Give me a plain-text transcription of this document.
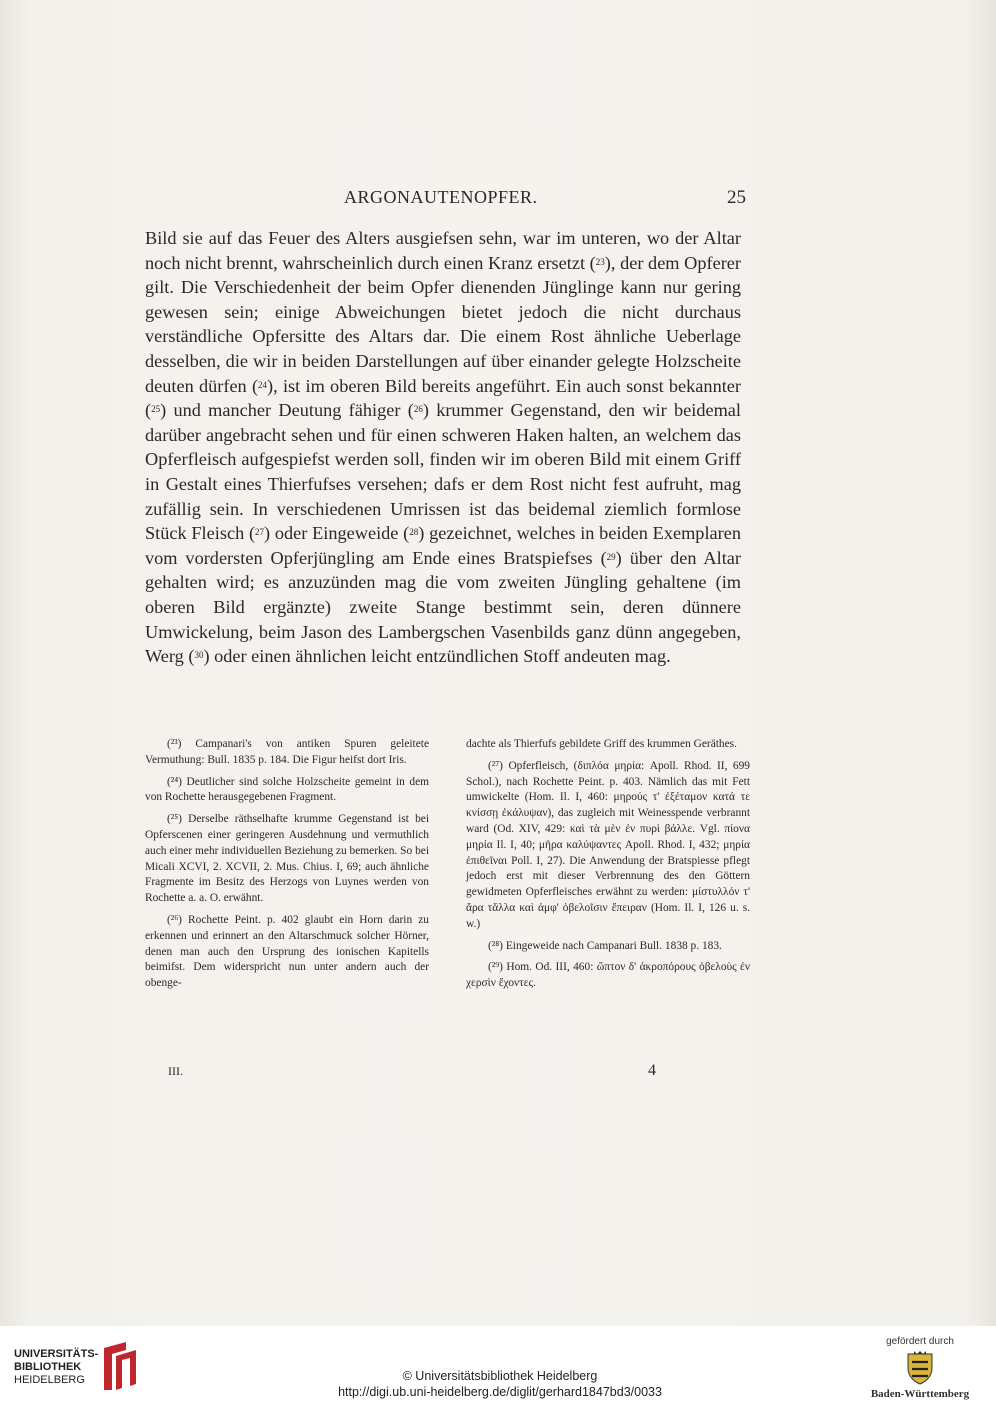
ARGONAUTENOPFER.	25

Bild sie auf das Feuer des Alters ausgiefsen sehn, war im unteren, wo der Altar noch nicht brennt, wahrscheinlich durch einen Kranz ersetzt ($^{23}$), der dem Opferer gilt. Die Verschiedenheit der beim Opfer dienenden Jünglinge kann nur gering gewesen sein; einige Abweichungen bietet jedoch die nicht durchaus verständliche Opfersitte des Altars dar. Die einem Rost ähnliche Ueberlage desselben, die wir in beiden Darstellungen auf über einander gelegte Holzscheite deuten dürfen ($^{24}$), ist im oberen Bild bereits angeführt. Ein auch sonst bekannter ($^{25}$) und mancher Deutung fähiger ($^{26}$) krummer Gegenstand, den wir beidemal darüber angebracht sehen und für einen schweren Haken halten, an welchem das Opferfleisch aufgespiefst werden soll, finden wir im oberen Bild mit einem Griff in Gestalt eines Thierfufses versehen; dafs er dem Rost nicht fest aufruht, mag zufällig sein. In verschiedenen Umrissen ist das beidemal ziemlich formlose Stück Fleisch ($^{27}$) oder Eingeweide ($^{28}$) gezeichnet, welches in beiden Exemplaren vom vordersten Opferjüngling am Ende eines Bratspiefses ($^{29}$) über den Altar gehalten wird; es anzuzünden mag die vom zweiten Jüngling gehaltene (im oberen Bild ergänzte) zweite Stange bestimmt sein, deren dünnere Umwickelung, beim Jason des Lambergschen Vasenbilds ganz dünn angegeben, Werg ($^{30}$) oder einen ähnlichen leicht entzündlichen Stoff andeuten mag.

(²³) Campanari's von antiken Spuren geleitete Vermuthung: Bull. 1835 p. 184. Die Figur heifst dort Iris.

(²⁴) Deutlicher sind solche Holzscheite gemeint in dem von Rochette herausgegebenen Fragment.

(²⁵) Derselbe räthselhafte krumme Gegenstand ist bei Opferscenen einer geringeren Ausdehnung und vermuthlich auch einer mehr individuellen Beziehung zu bemerken. So bei Micali XCVI, 2. XCVII, 2. Mus. Chius. I, 69; auch ähnliche Fragmente im Besitz des Herzogs von Luynes werden von Rochette a. a. O. erwähnt.

(²⁶) Rochette Peint. p. 402 glaubt ein Horn darin zu erkennen und erinnert an den Altarschmuck solcher Hörner, denen man auch den Ursprung des ionischen Kapitells beimifst. Dem widerspricht nun unter andern auch der obenge-

dachte als Thierfufs gebildete Griff des krummen Geräthes.

(²⁷) Opferfleisch, (διπλόα μηρία: Apoll. Rhod. II, 699 Schol.), nach Rochette Peint. p. 403. Nämlich das mit Fett umwickelte (Hom. Il. I, 460: μηρούς τ' ἐξέταμον κατά τε κνίσσῃ ἐκάλυψαν), das zugleich mit Weinesspende verbrannt ward (Od. XIV, 429: καὶ τὰ μὲν ἐν πυρὶ βάλλε. Vgl. πίονα μηρία Il. I, 40; μῆρα καλύψαντες Apoll. Rhod. I, 432; μηρία ἐπιθεῖναι Poll. I, 27). Die Anwendung der Bratspiesse pflegt jedoch erst mit dieser Verbrennung des den Göttern gewidmeten Opferfleisches erwähnt zu werden: μίστυλλόν τ' ἄρα τἄλλα καὶ ἀμφ' ὀβελοῖσιν ἔπειραν (Hom. Il. I, 126 u. s. w.)

(²⁸) Eingeweide nach Campanari Bull. 1838 p. 183.

(²⁹) Hom. Od. III, 460: ὤπτον δ' ἀκροπόρους ὀβελοὺς ἐν χερσὶν ἔχοντες.

III.	4
UNIVERSITÄTS-
BIBLIOTHEK
HEIDELBERG	© Universitätsbibliothek Heidelberg
http://digi.ub.uni-heidelberg.de/diglit/gerhard1847bd3/0033
gefördert durch
Baden-Württemberg
